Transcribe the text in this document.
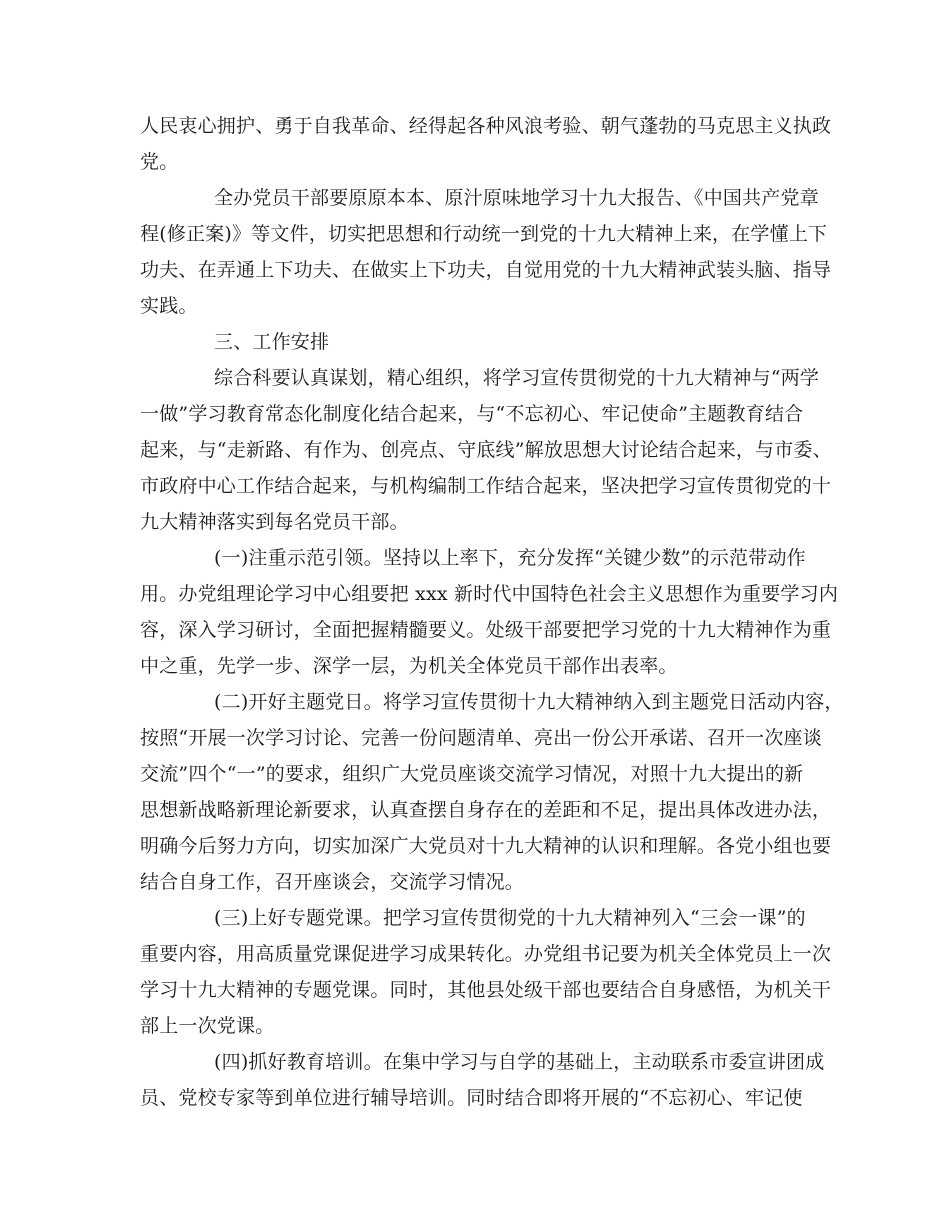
人民衷心拥护、勇于自我革命、经得起各种风浪考验、朝气蓬勃的马克思主义执政
党。
全办党员干部要原原本本、原汁原味地学习十九大报告、《中国共产党章
程(修正案)》等文件，切实把思想和行动统一到党的十九大精神上来，在学懂上下
功夫、在弄通上下功夫、在做实上下功夫，自觉用党的十九大精神武装头脑、指导
实践。
三、工作安排
综合科要认真谋划，精心组织，将学习宣传贯彻党的十九大精神与“两学
一做”学习教育常态化制度化结合起来，与“不忘初心、牢记使命”主题教育结合
起来，与“走新路、有作为、创亮点、守底线”解放思想大讨论结合起来，与市委、
市政府中心工作结合起来，与机构编制工作结合起来，坚决把学习宣传贯彻党的十
九大精神落实到每名党员干部。
(一)注重示范引领。坚持以上率下，充分发挥“关键少数”的示范带动作
用。办党组理论学习中心组要把 xxx 新时代中国特色社会主义思想作为重要学习内
容，深入学习研讨，全面把握精髓要义。处级干部要把学习党的十九大精神作为重
中之重，先学一步、深学一层，为机关全体党员干部作出表率。
(二)开好主题党日。将学习宣传贯彻十九大精神纳入到主题党日活动内容，
按照“开展一次学习讨论、完善一份问题清单、亮出一份公开承诺、召开一次座谈
交流”四个“一”的要求，组织广大党员座谈交流学习情况，对照十九大提出的新
思想新战略新理论新要求，认真查摆自身存在的差距和不足，提出具体改进办法，
明确今后努力方向，切实加深广大党员对十九大精神的认识和理解。各党小组也要
结合自身工作，召开座谈会，交流学习情况。
(三)上好专题党课。把学习宣传贯彻党的十九大精神列入“三会一课”的
重要内容，用高质量党课促进学习成果转化。办党组书记要为机关全体党员上一次
学习十九大精神的专题党课。同时，其他县处级干部也要结合自身感悟，为机关干
部上一次党课。
(四)抓好教育培训。在集中学习与自学的基础上，主动联系市委宣讲团成
员、党校专家等到单位进行辅导培训。同时结合即将开展的“不忘初心、牢记使
